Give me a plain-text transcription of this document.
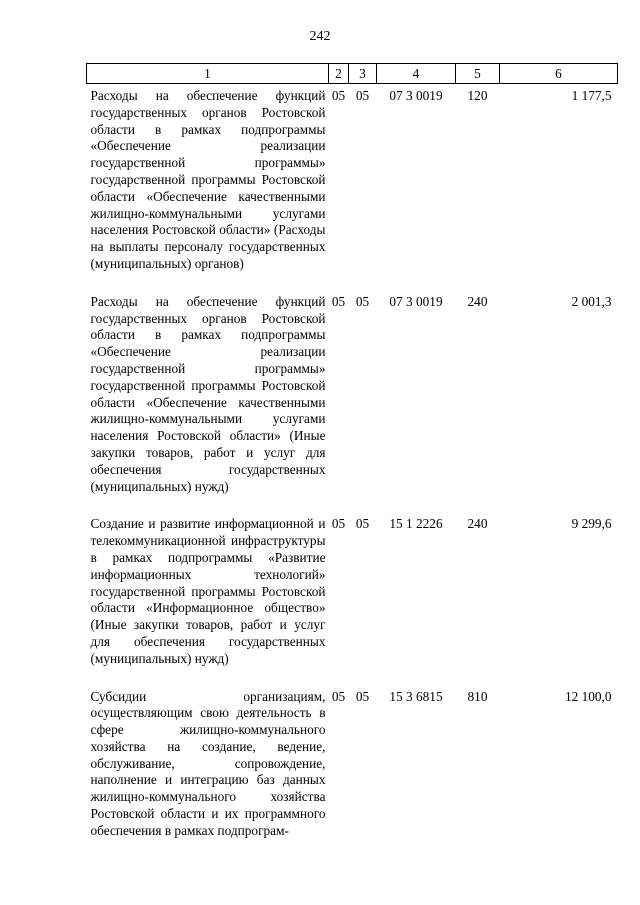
242
1	2	3	4	5	6
Расходы на обеспечение функций государственных органов Ростовской области в рамках подпрограммы «Обеспечение реализации государственной программы» государственной программы Ростовской области «Обеспечение качественными жилищно-коммунальными услугами населения Ростовской области» (Расходы на выплаты персоналу государственных (муниципальных) органов)	05	05	07 3 0019	120	1 177,5
Расходы на обеспечение функций государственных органов Ростовской области в рамках подпрограммы «Обеспечение реализации государственной программы» государственной программы Ростовской области «Обеспечение качественными жилищно-коммунальными услугами населения Ростовской области» (Иные закупки товаров, работ и услуг для обеспечения государственных (муниципальных) нужд)	05	05	07 3 0019	240	2 001,3
Создание и развитие информационной и телекоммуникационной инфраструктуры в рамках подпрограммы «Развитие информационных технологий» государственной программы Ростовской области «Информационное общество» (Иные закупки товаров, работ и услуг для обеспечения государственных (муниципальных) нужд)	05	05	15 1 2226	240	9 299,6
Субсидии организациям, осуществляющим свою деятельность в сфере жилищно-коммунального хозяйства на создание, ведение, обслуживание, сопровождение, наполнение и интеграцию баз данных жилищно-коммунального хозяйства Ростовской области и их программного обеспечения в рамках подпрограм-	05	05	15 3 6815	810	12 100,0
